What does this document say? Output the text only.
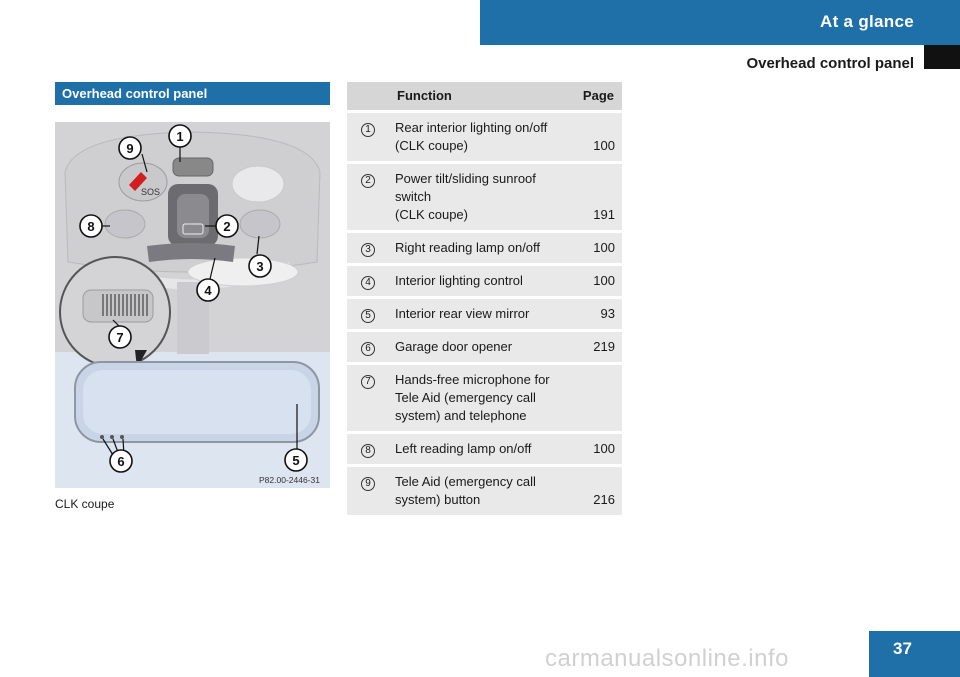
At a glance
Overhead control panel
Overhead control panel
SOS
1
2
3
4
5
6
7
8
9
P82.00-2446-31
CLK coupe
	Function	Page
1	Rear interior lighting on/off
(CLK coupe)	100
2	Power tilt/sliding sunroof
switch
(CLK coupe)	191
3	Right reading lamp on/off	100
4	Interior lighting control	100
5	Interior rear view mirror	93
6	Garage door opener	219
7	Hands-free microphone for
Tele Aid (emergency call
system) and telephone	

8	Left reading lamp on/off	100
9	Tele Aid (emergency call
system) button	216
37
carmanualsonline.info
